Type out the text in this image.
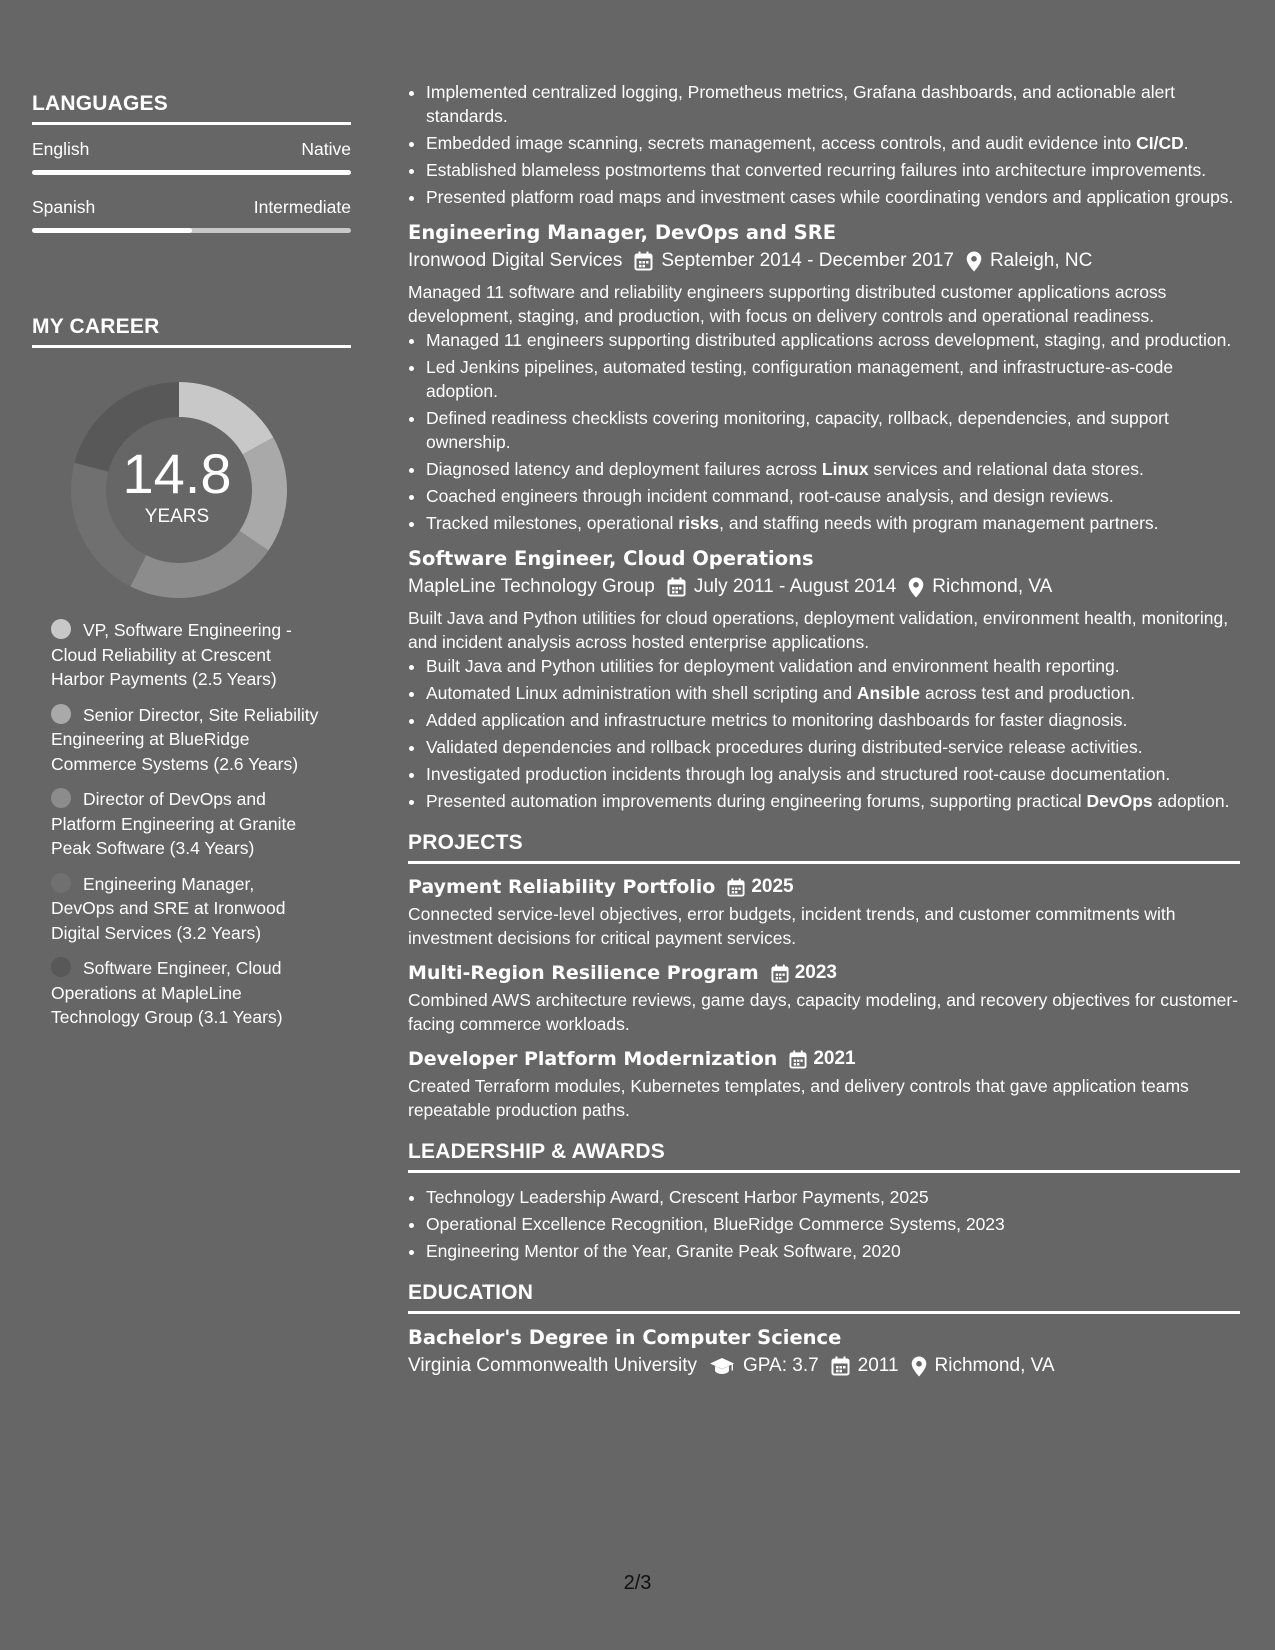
LANGUAGES
English	Native
Spanish	Intermediate
MY CAREER
14.8
YEARS
VP, Software Engineering - Cloud Reliability at Crescent Harbor Payments (2.5 Years)
Senior Director, Site Reliability Engineering at BlueRidge Commerce Systems (2.6 Years)
Director of DevOps and Platform Engineering at Granite Peak Software (3.4 Years)
Engineering Manager, DevOps and SRE at Ironwood Digital Services (3.2 Years)
Software Engineer, Cloud Operations at MapleLine Technology Group (3.1 Years)
• Implemented centralized logging, Prometheus metrics, Grafana dashboards, and actionable alert standards.
• Embedded image scanning, secrets management, access controls, and audit evidence into CI/CD.
• Established blameless postmortems that converted recurring failures into architecture improvements.
• Presented platform road maps and investment cases while coordinating vendors and application groups.
Engineering Manager, DevOps and SRE
Ironwood Digital Services September 2014 - December 2017 Raleigh, NC
Managed 11 software and reliability engineers supporting distributed customer applications across development, staging, and production, with focus on delivery controls and operational readiness.
• Managed 11 engineers supporting distributed applications across development, staging, and production.
• Led Jenkins pipelines, automated testing, configuration management, and infrastructure-as-code adoption.
• Defined readiness checklists covering monitoring, capacity, rollback, dependencies, and support ownership.
• Diagnosed latency and deployment failures across Linux services and relational data stores.
• Coached engineers through incident command, root-cause analysis, and design reviews.
• Tracked milestones, operational risks, and staffing needs with program management partners.
Software Engineer, Cloud Operations
MapleLine Technology Group July 2011 - August 2014 Richmond, VA
Built Java and Python utilities for cloud operations, deployment validation, environment health, monitoring, and incident analysis across hosted enterprise applications.
• Built Java and Python utilities for deployment validation and environment health reporting.
• Automated Linux administration with shell scripting and Ansible across test and production.
• Added application and infrastructure metrics to monitoring dashboards for faster diagnosis.
• Validated dependencies and rollback procedures during distributed-service release activities.
• Investigated production incidents through log analysis and structured root-cause documentation.
• Presented automation improvements during engineering forums, supporting practical DevOps adoption.
PROJECTS
Payment Reliability Portfolio 2025
Connected service-level objectives, error budgets, incident trends, and customer commitments with investment decisions for critical payment services.
Multi-Region Resilience Program 2023
Combined AWS architecture reviews, game days, capacity modeling, and recovery objectives for customer-facing commerce workloads.
Developer Platform Modernization 2021
Created Terraform modules, Kubernetes templates, and delivery controls that gave application teams repeatable production paths.
LEADERSHIP & AWARDS
• Technology Leadership Award, Crescent Harbor Payments, 2025
• Operational Excellence Recognition, BlueRidge Commerce Systems, 2023
• Engineering Mentor of the Year, Granite Peak Software, 2020
EDUCATION
Bachelor's Degree in Computer Science
Virginia Commonwealth University GPA: 3.7 2011 Richmond, VA
2/3
